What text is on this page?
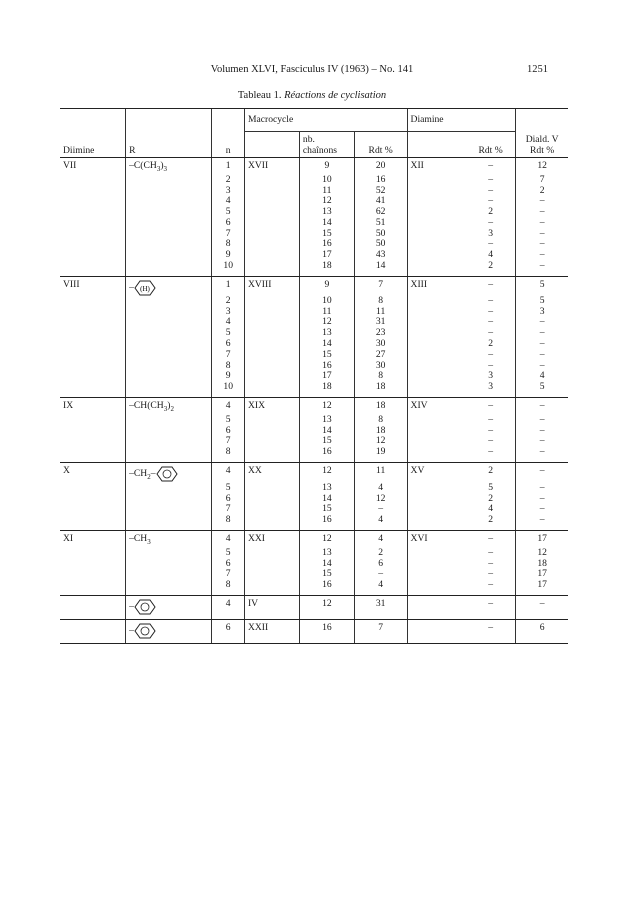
Volumen XLVI, Fasciculus IV (1963) – No. 141	1251
Tableau 1. Réactions de cyclisation
			Macrocycle			Diamine		
Diimine	R	n		nb.
chaînons	Rdt %		Rdt %	Diald. V
Rdt %
VII	$-C(CH_3)_3$	1	XVII	9	20	XII	–	12
		2		10	16		–	7
		3		11	52		–	2
		4		12	41		–	–
		5		13	62		2	–
		6		14	51		–	–
		7		15	50		3	–
		8		16	50		–	–
		9		17	43		4	–
		10		18	14		2	–
VIII	– (H)	1	XVIII	9	7	XIII	–	5
		2		10	8		–	5
		3		11	11		–	3
		4		12	31		–	–
		5		13	23		–	–
		6		14	30		2	–
		7		15	27		–	–
		8		16	30		–	–
		9		17	8		3	4
		10		18	18		3	5
IX	$-CH(CH_3)_2$	4	XIX	12	18	XIV	–	–
		5		13	8		–	–
		6		14	18		–	–
		7		15	12		–	–
		8		16	19		–	–
X	$-CH_2-$	4	XX	12	11	XV	2	–
		5		13	4		5	–
		6		14	12		2	–
		7		15	–		4	–
		8		16	4		2	–
XI	$-CH_3$	4	XXI	12	4	XVI	–	17
		5		13	2		–	12
		6		14	6		–	18
		7		15	–		–	17
		8		16	4		–	17
	–	4	IV	12	31		–	–
	–	6	XXII	16	7		–	6
